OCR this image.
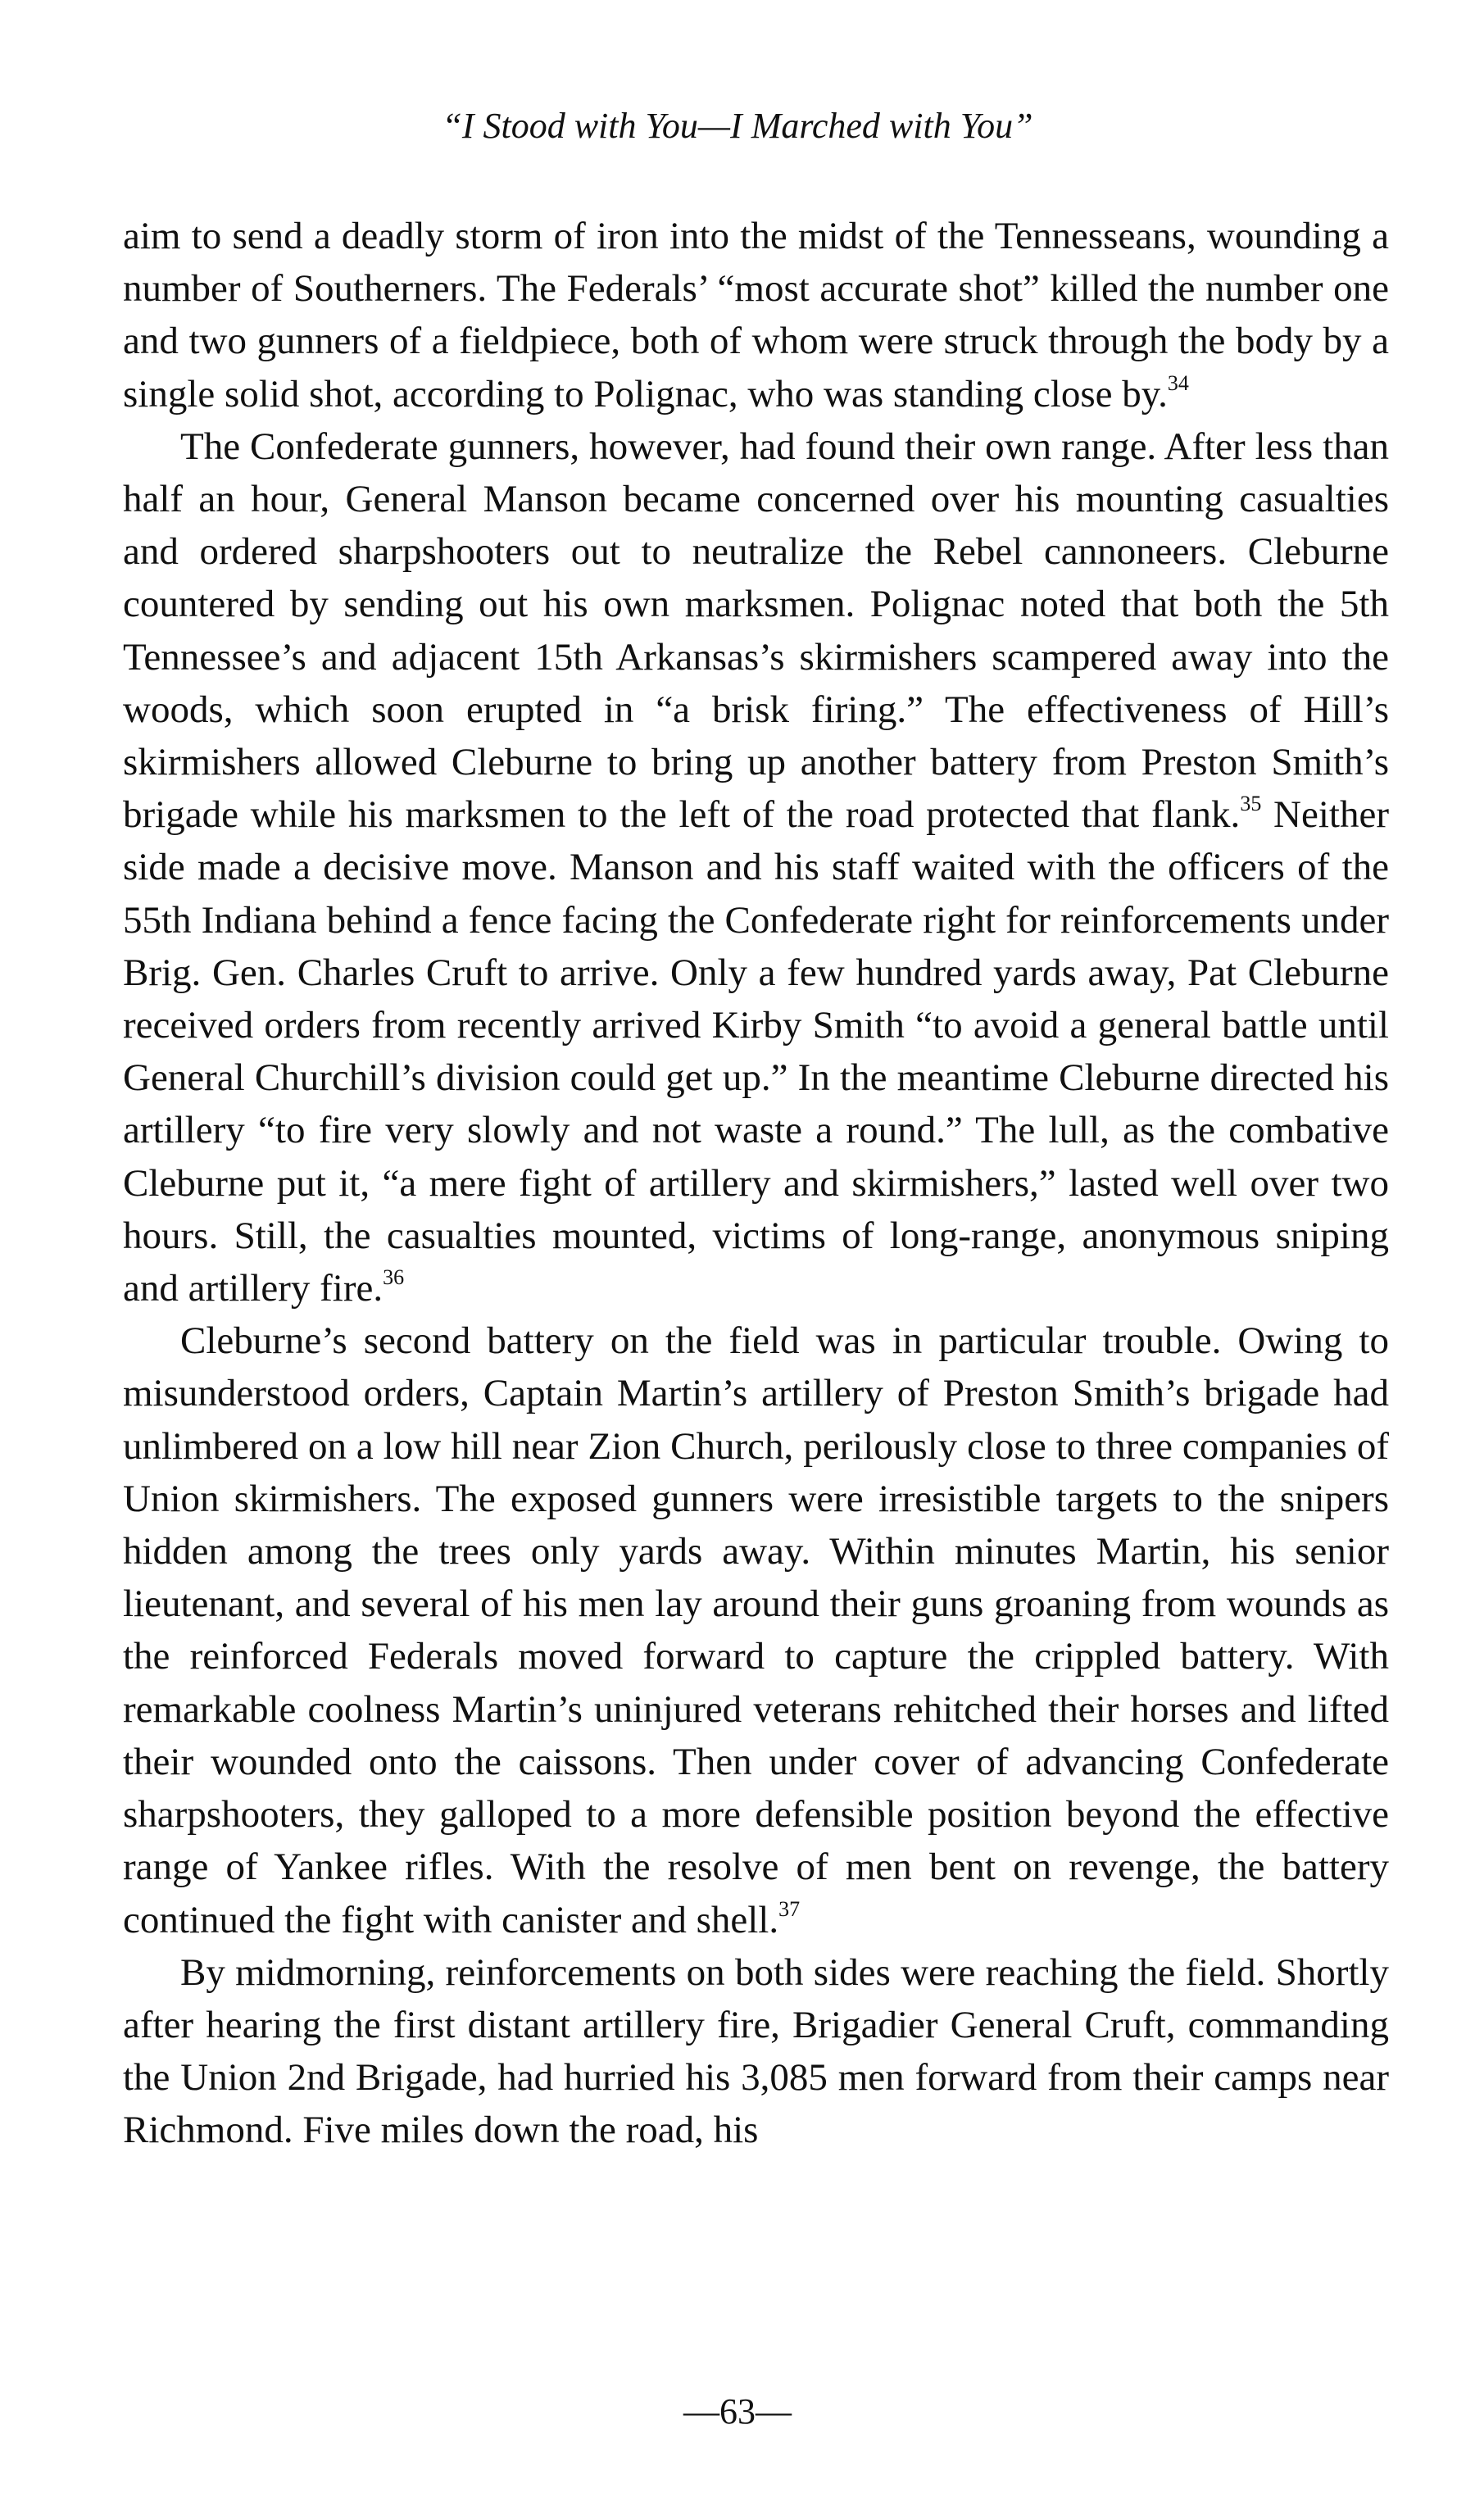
“I Stood with You—I Marched with You”

aim to send a deadly storm of iron into the midst of the Tennesseans, wounding a number of Southerners. The Federals’ “most accurate shot” killed the number one and two gunners of a fieldpiece, both of whom were struck through the body by a single solid shot, according to Polignac, who was standing close by.$^{34}$

The Confederate gunners, however, had found their own range. After less than half an hour, General Manson became concerned over his mounting casualties and ordered sharpshooters out to neutralize the Rebel cannoneers. Cleburne countered by sending out his own marksmen. Polignac noted that both the 5th Tennessee’s and adjacent 15th Arkansas’s skirmishers scampered away into the woods, which soon erupted in “a brisk firing.” The effectiveness of Hill’s skirmishers allowed Cleburne to bring up another battery from Preston Smith’s brigade while his marksmen to the left of the road protected that flank.$^{35}$ Neither side made a decisive move. Manson and his staff waited with the officers of the 55th Indiana behind a fence facing the Confederate right for reinforcements under Brig. Gen. Charles Cruft to arrive. Only a few hundred yards away, Pat Cleburne received orders from recently arrived Kirby Smith “to avoid a general battle until General Churchill’s division could get up.” In the meantime Cleburne directed his artillery “to fire very slowly and not waste a round.” The lull, as the combative Cleburne put it, “a mere fight of artillery and skirmishers,” lasted well over two hours. Still, the casualties mounted, victims of long-range, anonymous sniping and artillery fire.$^{36}$

Cleburne’s second battery on the field was in particular trouble. Owing to misunderstood orders, Captain Martin’s artillery of Preston Smith’s brigade had unlimbered on a low hill near Zion Church, perilously close to three companies of Union skirmishers. The exposed gunners were irresistible targets to the snipers hidden among the trees only yards away. Within minutes Martin, his senior lieutenant, and several of his men lay around their guns groaning from wounds as the reinforced Federals moved forward to capture the crippled battery. With remarkable coolness Martin’s uninjured veterans rehitched their horses and lifted their wounded onto the caissons. Then under cover of advancing Confederate sharpshooters, they galloped to a more defensible position beyond the effective range of Yankee rifles. With the resolve of men bent on revenge, the battery continued the fight with canister and shell.$^{37}$

By midmorning, reinforcements on both sides were reaching the field. Shortly after hearing the first distant artillery fire, Brigadier General Cruft, commanding the Union 2nd Brigade, had hurried his 3,085 men forward from their camps near Richmond. Five miles down the road, his

—63—
